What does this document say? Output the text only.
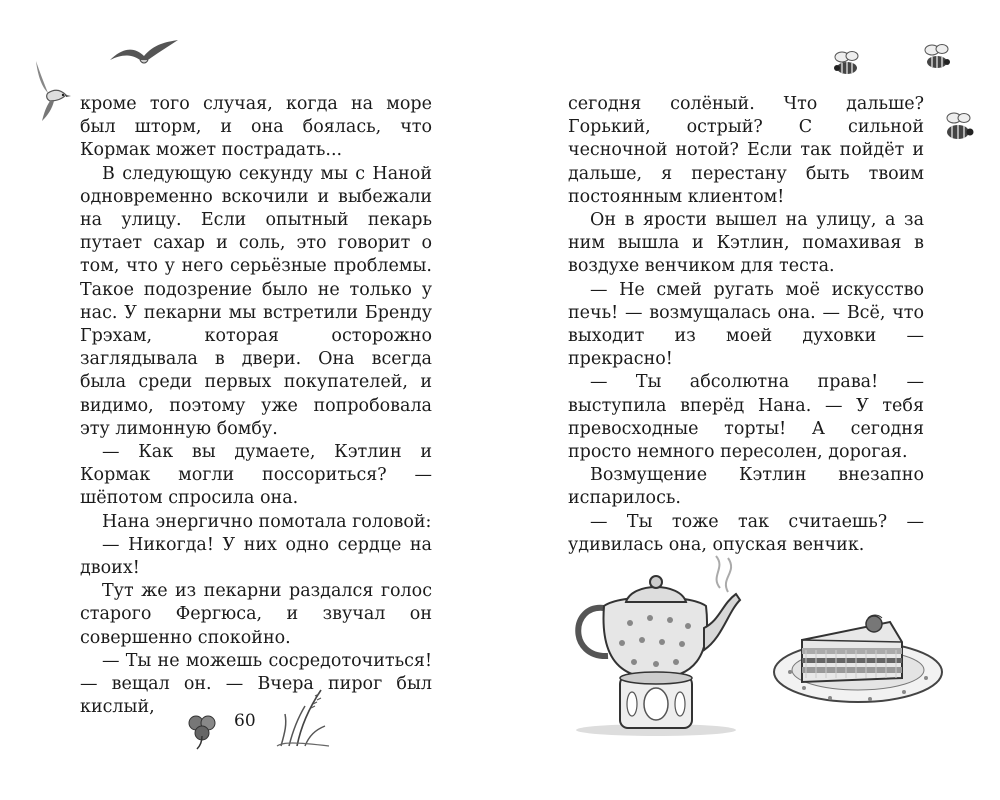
кроме того случая, когда на море был шторм, и она боялась, что Кормак может пострадать...

В следующую секунду мы с Наной одновременно вскочили и выбежали на улицу. Если опытный пекарь путает сахар и соль, это говорит о том, что у него серьёзные проблемы. Такое подозрение было не только у нас. У пекарни мы встретили Бренду Грэхам, которая осторожно заглядывала в двери. Она всегда была среди первых покупателей, и видимо, поэтому уже попробовала эту лимонную бомбу.

— Как вы думаете, Кэтлин и Кормак могли поссориться? — шёпотом спросила она.

Нана энергично помотала головой:

— Никогда! У них одно сердце на двоих!

Тут же из пекарни раздался голос старого Фергюса, и звучал он совершенно спокойно.

— Ты не можешь сосредоточиться! — вещал он. — Вчера пирог был кислый,

60

сегодня солёный. Что дальше? Горький, острый? С сильной чесночной нотой? Если так пойдёт и дальше, я перестану быть твоим постоянным клиентом!

Он в ярости вышел на улицу, а за ним вышла и Кэтлин, помахивая в воздухе венчиком для теста.

— Не смей ругать моё искусство печь! — возмущалась она. — Всё, что выходит из моей духовки — прекрасно!

— Ты абсолютна права! — выступила вперёд Нана. — У тебя превосходные торты! А сегодня просто немного пересолен, дорогая.

Возмущение Кэтлин внезапно испарилось.

— Ты тоже так считаешь? — удивилась она, опуская венчик.
